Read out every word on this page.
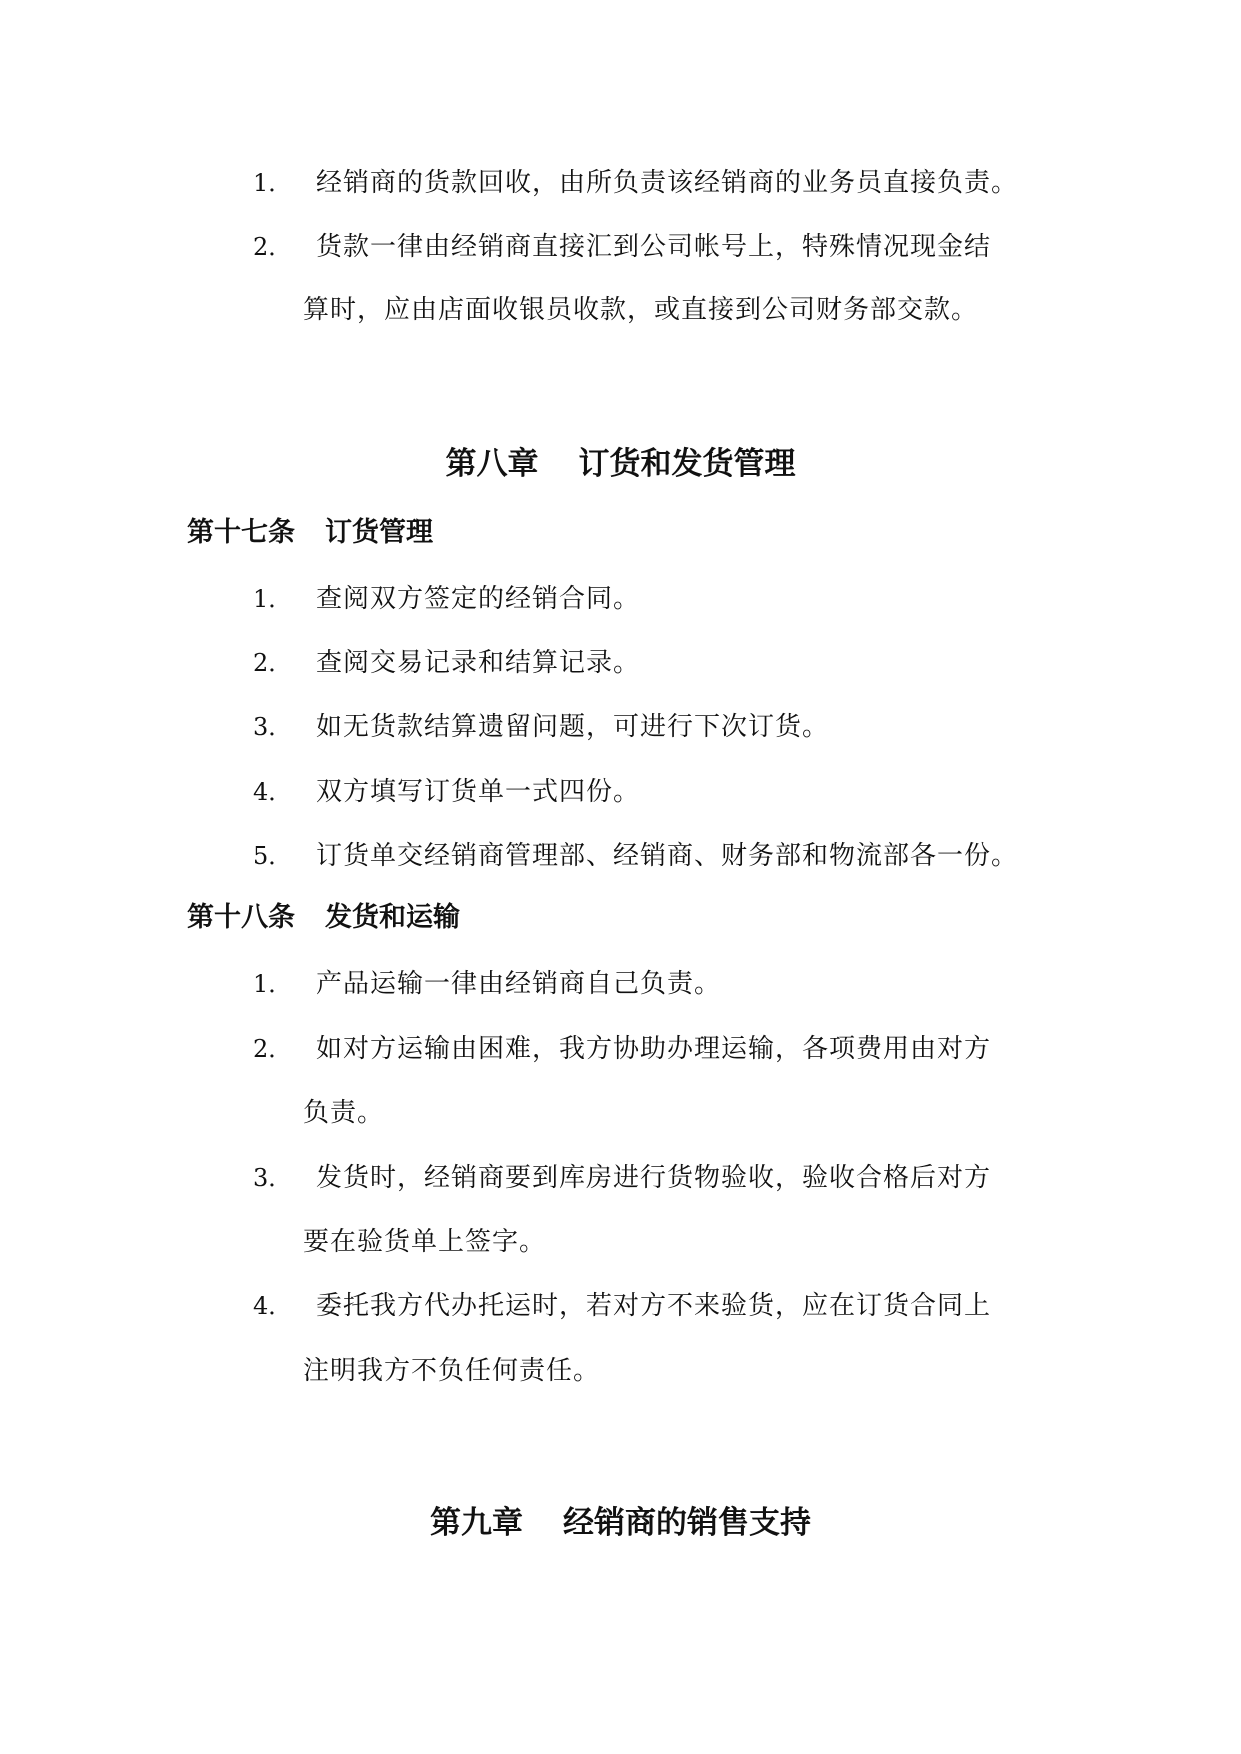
1． 经销商的货款回收，由所负责该经销商的业务员直接负责。
2． 货款一律由经销商直接汇到公司帐号上，特殊情况现金结
算时，应由店面收银员收款，或直接到公司财务部交款。
第八章 订货和发货管理
第十七条 订货管理
1． 查阅双方签定的经销合同。
2． 查阅交易记录和结算记录。
3． 如无货款结算遗留问题，可进行下次订货。
4． 双方填写订货单一式四份。
5． 订货单交经销商管理部、经销商、财务部和物流部各一份。
第十八条 发货和运输
1． 产品运输一律由经销商自己负责。
2． 如对方运输由困难，我方协助办理运输，各项费用由对方
负责。
3． 发货时，经销商要到库房进行货物验收，验收合格后对方
要在验货单上签字。
4． 委托我方代办托运时，若对方不来验货，应在订货合同上
注明我方不负任何责任。
第九章 经销商的销售支持
